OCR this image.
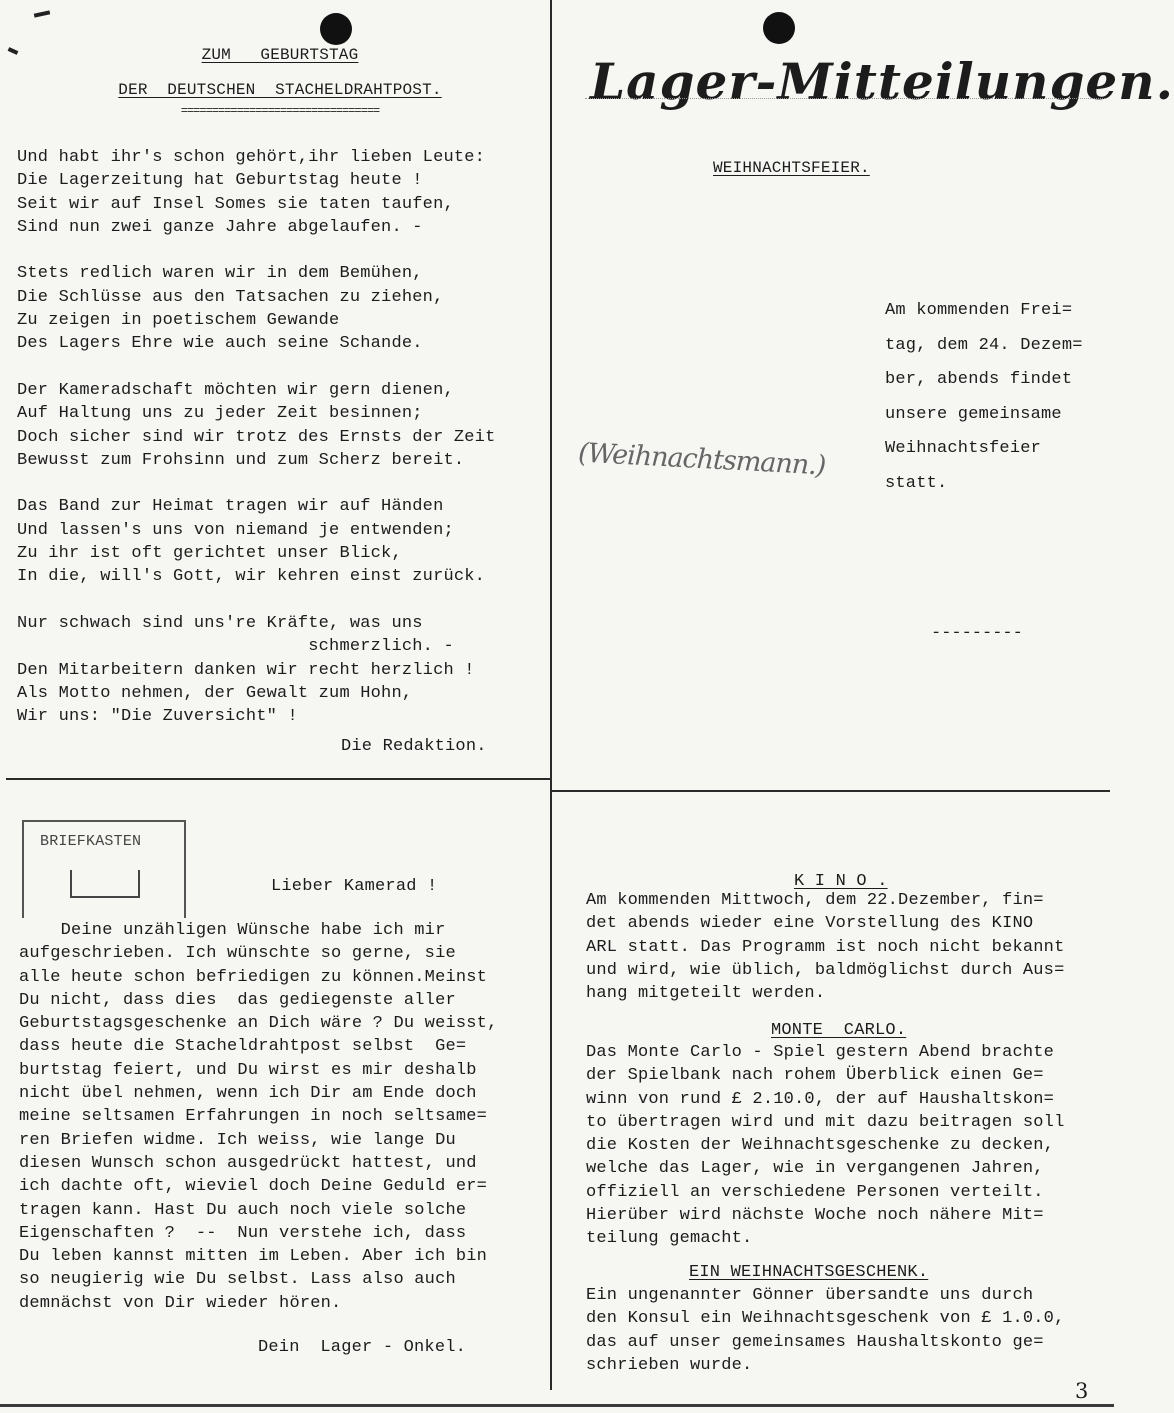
ZUM   GEBURTSTAG
DER  DEUTSCHEN  STACHELDRAHTPOST.
================================
Und habt ihr's schon gehört,ihr lieben Leute:
Die Lagerzeitung hat Geburtstag heute !
Seit wir auf Insel Somes sie taten taufen,
Sind nun zwei ganze Jahre abgelaufen. -
Stets redlich waren wir in dem Bemühen,
Die Schlüsse aus den Tatsachen zu ziehen,
Zu zeigen in poetischem Gewande
Des Lagers Ehre wie auch seine Schande.
Der Kameradschaft möchten wir gern dienen,
Auf Haltung uns zu jeder Zeit besinnen;
Doch sicher sind wir trotz des Ernsts der Zeit
Bewusst zum Frohsinn und zum Scherz bereit.
Das Band zur Heimat tragen wir auf Händen
Und lassen's uns von niemand je entwenden;
Zu ihr ist oft gerichtet unser Blick,
In die, will's Gott, wir kehren einst zurück.
Nur schwach sind uns're Kräfte, was uns
schmerzlich. -
Den Mitarbeitern danken wir recht herzlich !
Als Motto nehmen, der Gewalt zum Hohn,
Wir uns: "Die Zuversicht" !
Die Redaktion.
BRIEFKASTEN
Lieber Kamerad !
Deine unzähligen Wünsche habe ich mir
aufgeschrieben. Ich wünschte so gerne, sie
alle heute schon befriedigen zu können.Meinst
Du nicht, dass dies  das gediegenste aller
Geburtstagsgeschenke an Dich wäre ? Du weisst,
dass heute die Stacheldrahtpost selbst  Ge=
burtstag feiert, und Du wirst es mir deshalb
nicht übel nehmen, wenn ich Dir am Ende doch
meine seltsamen Erfahrungen in noch seltsame=
ren Briefen widme. Ich weiss, wie lange Du
diesen Wunsch schon ausgedrückt hattest, und
ich dachte oft, wieviel doch Deine Geduld er=
tragen kann. Hast Du auch noch viele solche
Eigenschaften ?  --  Nun verstehe ich, dass
Du leben kannst mitten im Leben. Aber ich bin
so neugierig wie Du selbst. Lass also auch
demnächst von Dir wieder hören.
Dein  Lager - Onkel.
Lager-Mitteilungen.
WEIHNACHTSFEIER.
Am kommenden Frei=
tag, dem 24. Dezem=
ber, abends findet
unsere gemeinsame
Weihnachtsfeier
statt.
(Weihnachtsmann.)
---------
K I N O .
Am kommenden Mittwoch, dem 22.Dezember, fin=
det abends wieder eine Vorstellung des KINO
ARL statt. Das Programm ist noch nicht bekannt
und wird, wie üblich, baldmöglichst durch Aus=
hang mitgeteilt werden.
MONTE  CARLO.
Das Monte Carlo - Spiel gestern Abend brachte
der Spielbank nach rohem Überblick einen Ge=
winn von rund £ 2.10.0, der auf Haushaltskon=
to übertragen wird und mit dazu beitragen soll
die Kosten der Weihnachtsgeschenke zu decken,
welche das Lager, wie in vergangenen Jahren,
offiziell an verschiedene Personen verteilt.
Hierüber wird nächste Woche noch nähere Mit=
teilung gemacht.
EIN WEIHNACHTSGESCHENK.
Ein ungenannter Gönner übersandte uns durch
den Konsul ein Weihnachtsgeschenk von £ 1.0.0,
das auf unser gemeinsames Haushaltskonto ge=
schrieben wurde.
3
